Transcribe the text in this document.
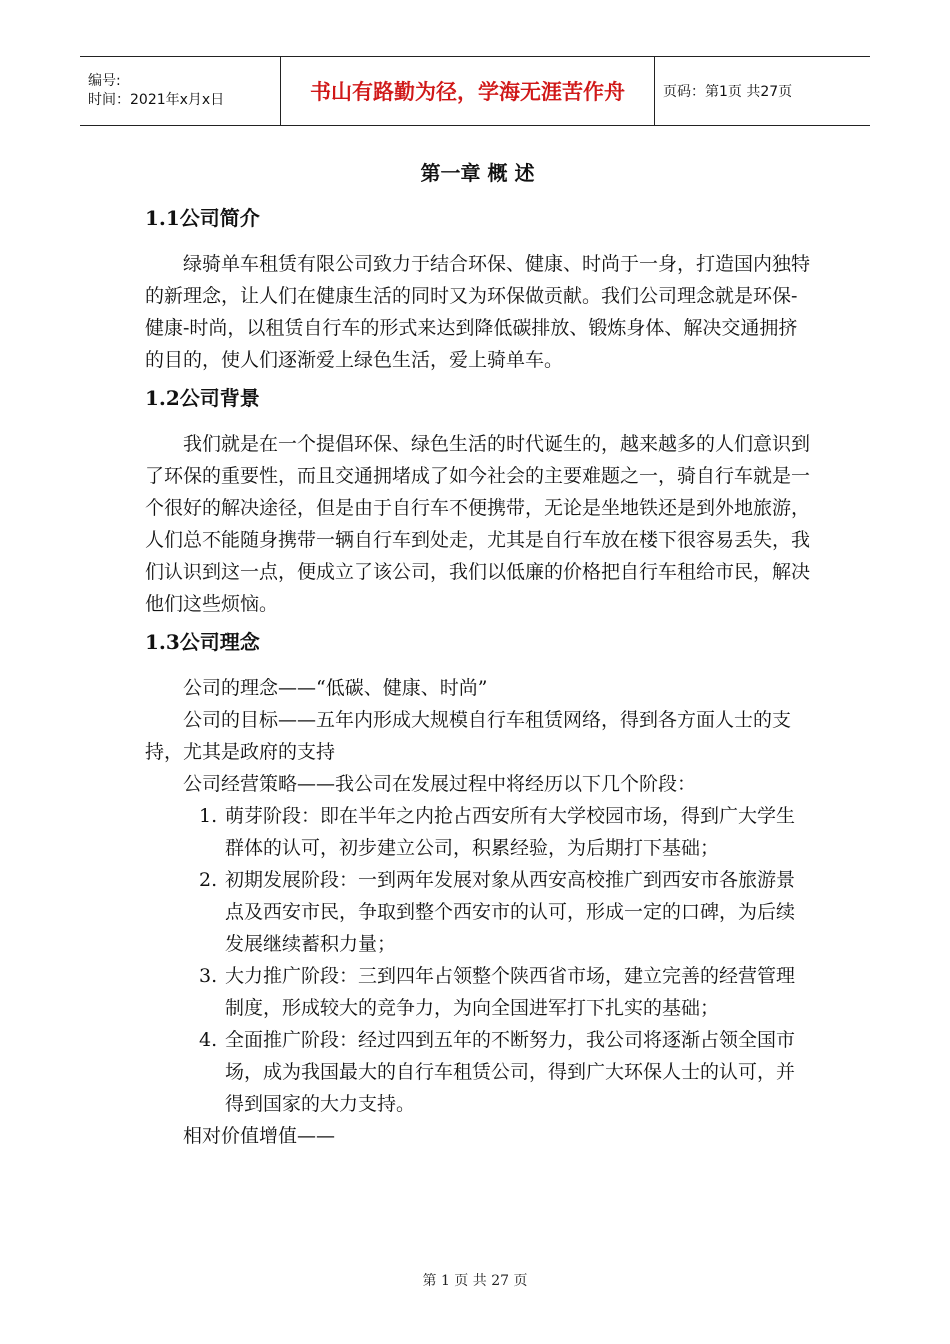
编号:
时间：2021年x月x日	书山有路勤为径，学海无涯苦作舟	页码：第1页 共27页
第一章 概 述
1.1公司简介

绿骑单车租赁有限公司致力于结合环保、健康、时尚于一身，打造国内独特的新理念，让人们在健康生活的同时又为环保做贡献。我们公司理念就是环保-健康-时尚，以租赁自行车的形式来达到降低碳排放、锻炼身体、解决交通拥挤的目的，使人们逐渐爱上绿色生活，爱上骑单车。

1.2公司背景

我们就是在一个提倡环保、绿色生活的时代诞生的，越来越多的人们意识到了环保的重要性，而且交通拥堵成了如今社会的主要难题之一，骑自行车就是一个很好的解决途径，但是由于自行车不便携带，无论是坐地铁还是到外地旅游，人们总不能随身携带一辆自行车到处走，尤其是自行车放在楼下很容易丢失，我们认识到这一点，便成立了该公司，我们以低廉的价格把自行车租给市民，解决他们这些烦恼。

1.3公司理念

公司的理念——“低碳、健康、时尚”

公司的目标——五年内形成大规模自行车租赁网络，得到各方面人士的支持，尤其是政府的支持

公司经营策略——我公司在发展过程中将经历以下几个阶段：

1. 萌芽阶段：即在半年之内抢占西安所有大学校园市场，得到广大学生群体的认可，初步建立公司，积累经验，为后期打下基础；
2. 初期发展阶段：一到两年发展对象从西安高校推广到西安市各旅游景点及西安市民，争取到整个西安市的认可，形成一定的口碑，为后续发展继续蓄积力量；
3. 大力推广阶段：三到四年占领整个陕西省市场，建立完善的经营管理制度，形成较大的竞争力，为向全国进军打下扎实的基础；
4. 全面推广阶段：经过四到五年的不断努力，我公司将逐渐占领全国市场，成为我国最大的自行车租赁公司，得到广大环保人士的认可，并得到国家的大力支持。

相对价值增值——

第 1 页 共 27 页
